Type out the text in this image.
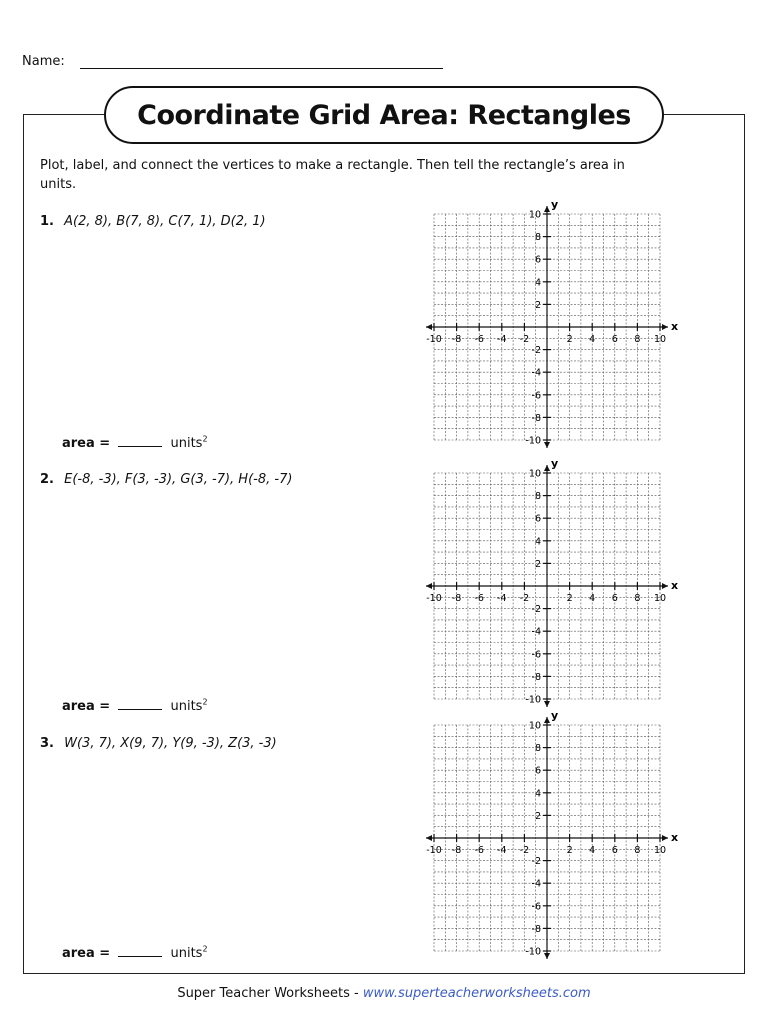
Name:
Coordinate Grid Area: Rectangles
Plot, label, and connect the vertices to make a rectangle. Then tell the rectangle’s area in units.
1. A(2, 8), B(7, 8), C(7, 1), D(2, 1)
area =	units$^2$
x
y
-10 -8 -6 -4 -2	2 4 6 8 10
10
8
6
4
2
-2
-4
-6
-8
-10
2. E(-8, -3), F(3, -3), G(3, -7), H(-8, -7)
area =	units$^2$
x
y
-10 -8 -6 -4 -2	2 4 6 8 10
10
8
6
4
2
-2
-4
-6
-8
-10
3. W(3, 7), X(9, 7), Y(9, -3), Z(3, -3)
area =	units$^2$
x
y
-10 -8 -6 -4 -2	2 4 6 8 10
10
8
6
4
2
-2
-4
-6
-8
-10
Super Teacher Worksheets - www.superteacherworksheets.com
